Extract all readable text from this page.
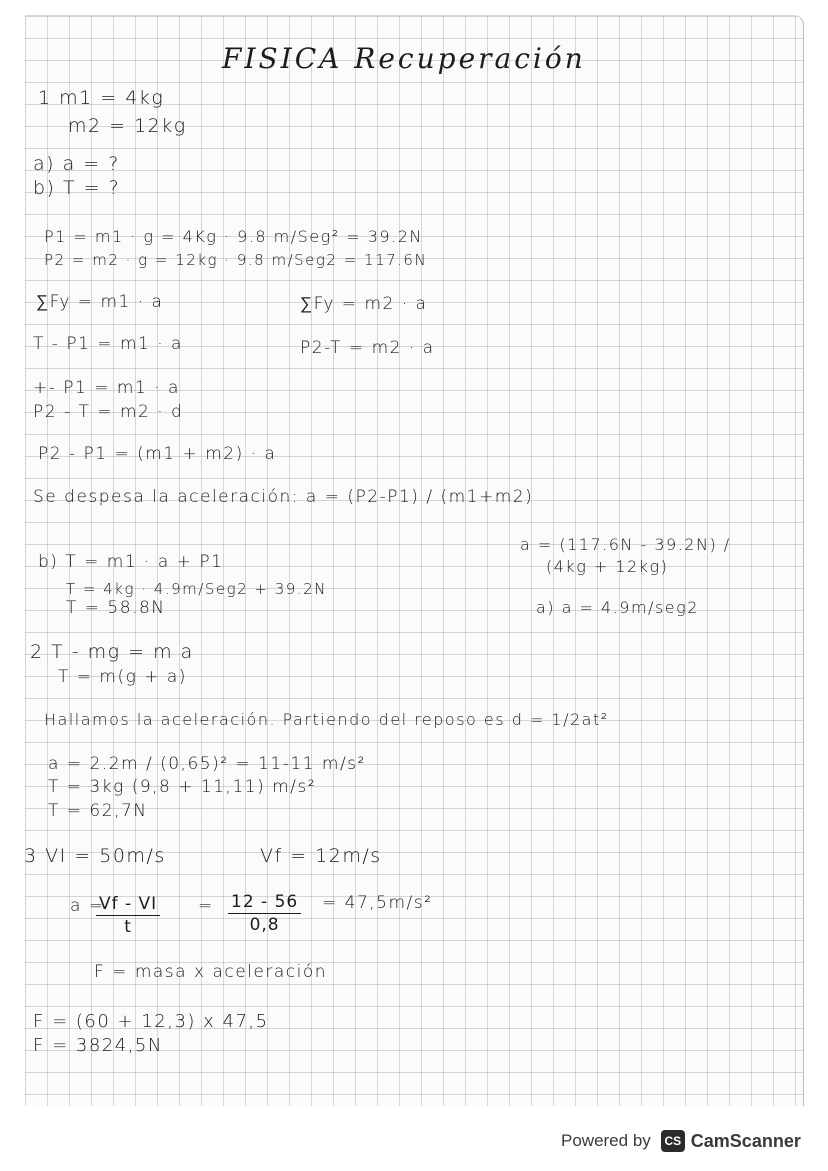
FISICA Recuperación
1 m1 = 4kg
m2 = 12kg
a) a = ?
b) T = ?
P1 = m1 · g = 4Kg · 9.8 m/Seg² = 39.2N
P2 = m2 · g = 12kg · 9.8 m/Seg2 = 117.6N
∑Fy = m1 · a	∑Fy = m2 · a
T - P1 = m1 · a	P2-T = m2 · a
+- P1 = m1 · a
P2 - T = m2 · d
P2 - P1 = (m1 + m2) · a
Se despesa la aceleración: a = (P2-P1) / (m1+m2)
a = (117.6N - 39.2N) /
(4kg + 12kg)
a) a = 4.9m/seg2
b) T = m1 · a + P1
T = 4kg · 4.9m/Seg2 + 39.2N
T = 58.8N
2 T - mg = m a
T = m(g + a)
Hallamos la aceleración. Partiendo del reposo es d = 1/2at²
a = 2.2m / (0,65)² = 11-11 m/s²
T = 3kg (9,8 + 11,11) m/s²
T = 62,7N
3 VI = 50m/s	Vf = 12m/s
a =
$\frac{Vf - VI}{t} = \frac{12 - 56}{0,8} = 47,5m/s^2$
F = masa x aceleración
F = (60 + 12,3) x 47,5
F = 3824,5N
Powered by	CS CamScanner
